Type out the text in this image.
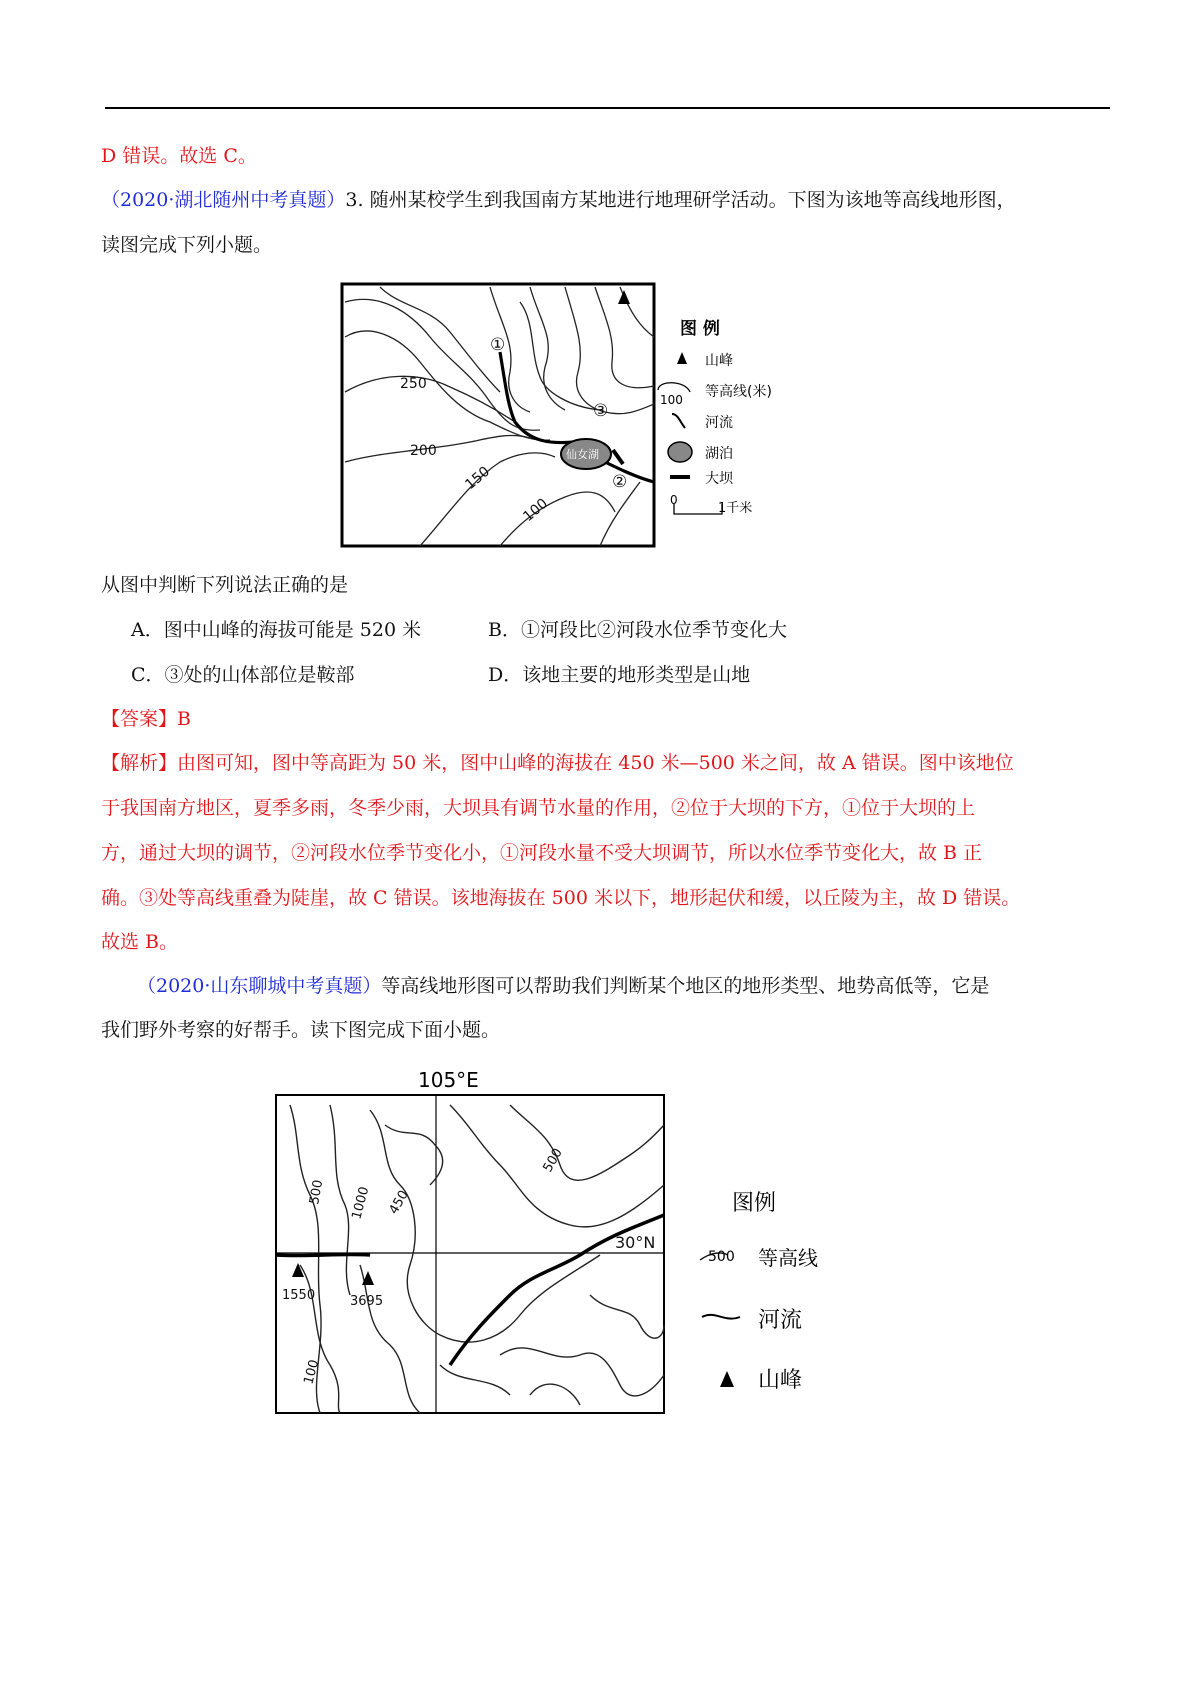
D 错误。故选 C。
（2020·湖北随州中考真题）3. 随州某校学生到我国南方某地进行地理研学活动。下图为该地等高线地形图，
读图完成下列小题。
250
200
150
100
仙女湖
①
②
③
图 例
山峰
100 等高线(米)
河流
湖泊
大坝
0
1千米
从图中判断下列说法正确的是
A．图中山峰的海拔可能是 520 米	B．①河段比②河段水位季节变化大
C．③处的山体部位是鞍部	D．该地主要的地形类型是山地
【答案】B
【解析】由图可知，图中等高距为 50 米，图中山峰的海拔在 450 米—500 米之间，故 A 错误。图中该地位
于我国南方地区，夏季多雨，冬季少雨，大坝具有调节水量的作用，②位于大坝的下方，①位于大坝的上
方，通过大坝的调节，②河段水位季节变化小，①河段水量不受大坝调节，所以水位季节变化大，故 B 正
确。③处等高线重叠为陡崖，故 C 错误。该地海拔在 500 米以下，地形起伏和缓，以丘陵为主，故 D 错误。
故选 B。
（2020·山东聊城中考真题）等高线地形图可以帮助我们判断某个地区的地形类型、地势高低等，它是
我们野外考察的好帮手。读下图完成下面小题。
105°E
500
450
1000
500
1550	3695
100
30°N
图例
500 等高线
河流
山峰
